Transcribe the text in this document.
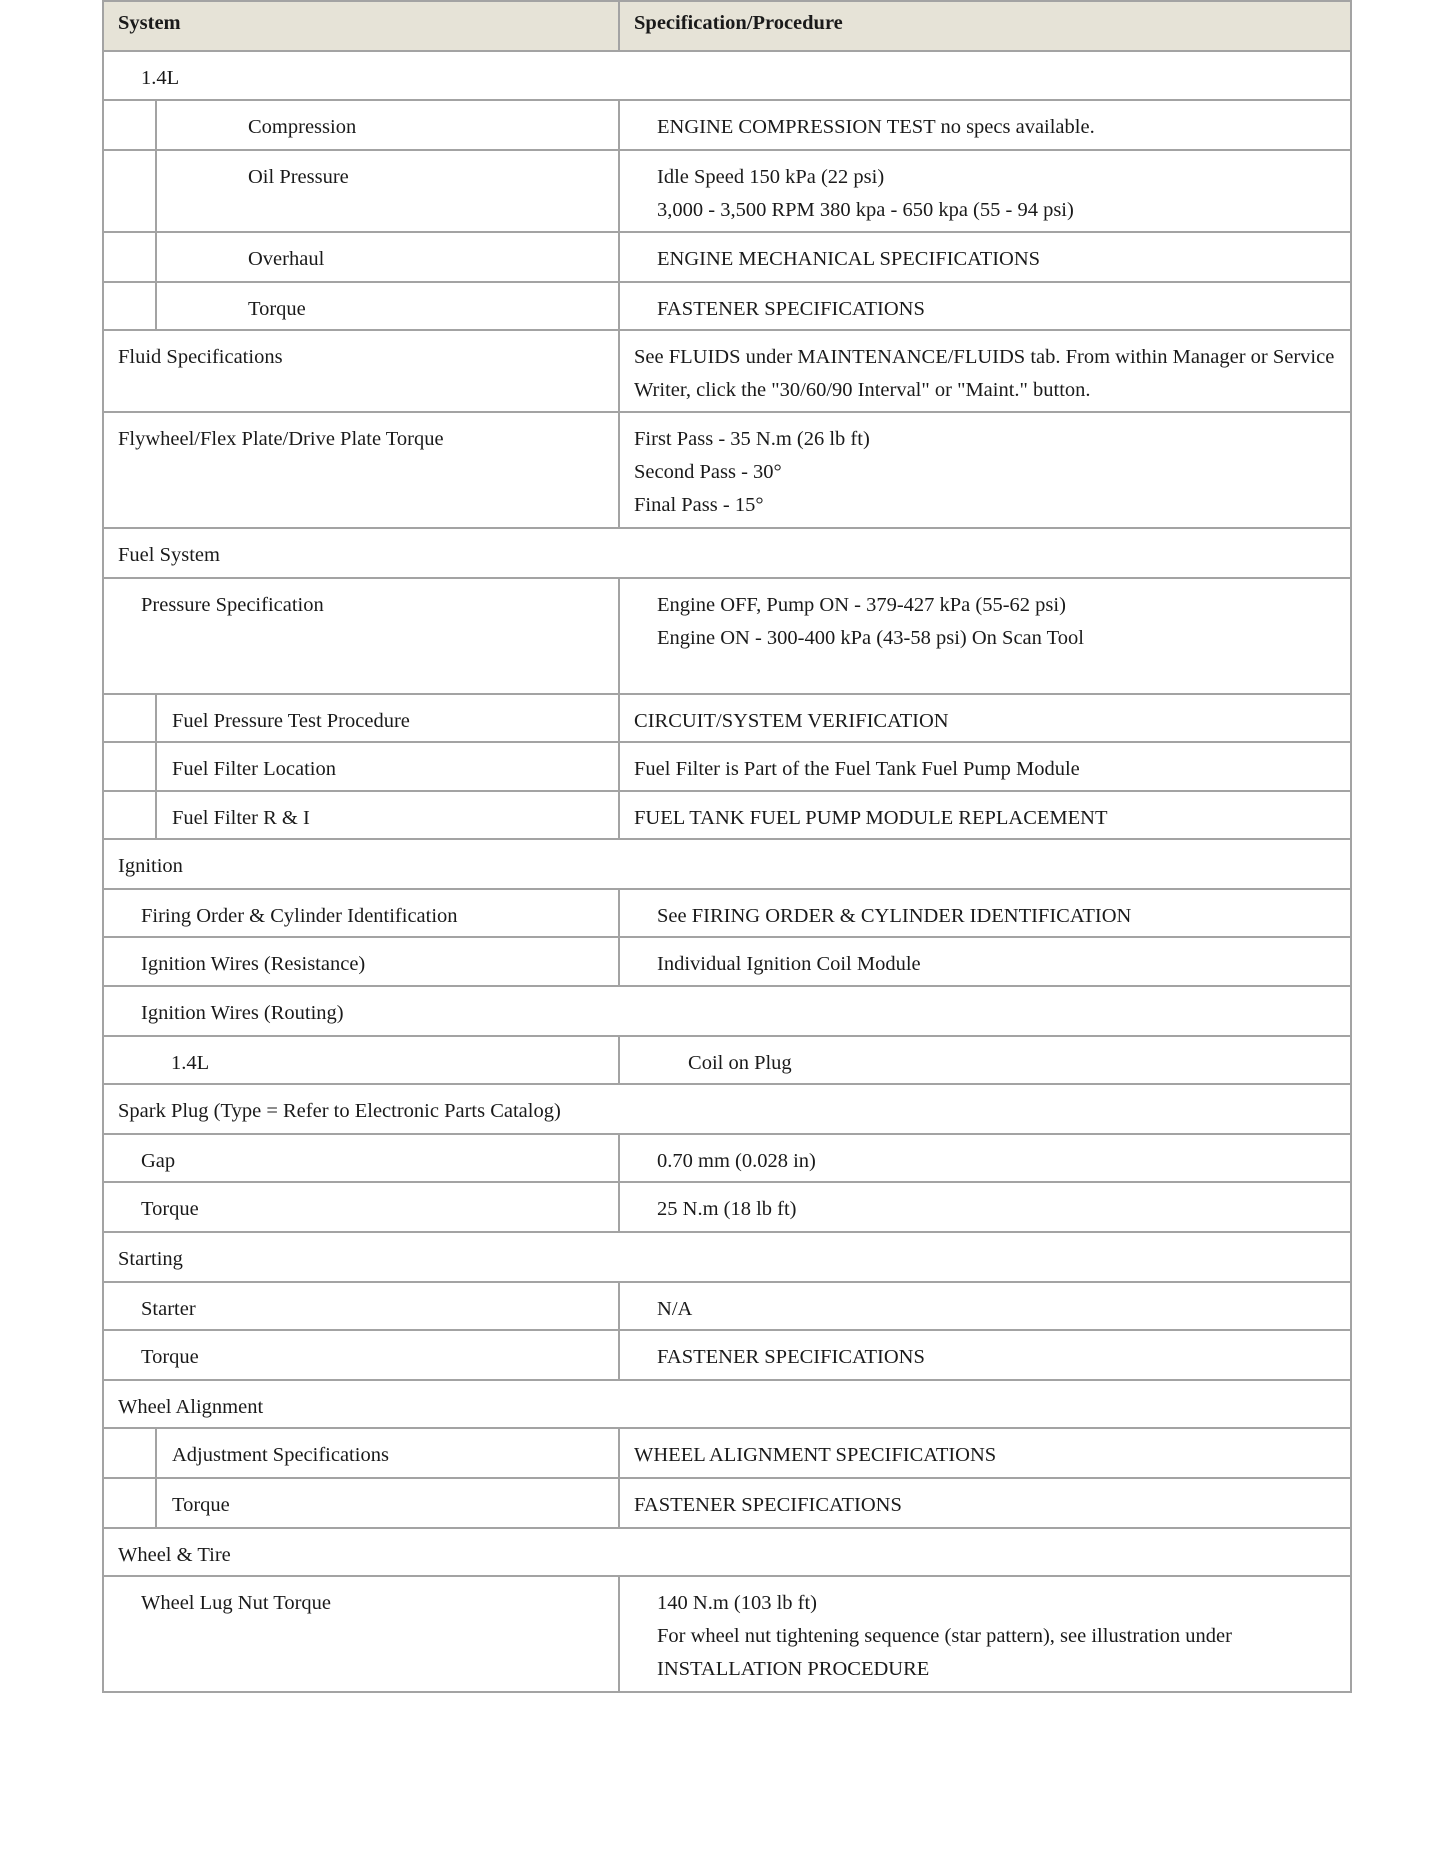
System		Specification/Procedure

1.4L		

	Compression	ENGINE COMPRESSION TEST no specs available.

	Oil Pressure	Idle Speed 150 kPa (22 psi)
3,000 - 3,500 RPM 380 kpa - 650 kpa (55 - 94 psi)

	Overhaul	ENGINE MECHANICAL SPECIFICATIONS

	Torque	FASTENER SPECIFICATIONS

Fluid Specifications		See FLUIDS under MAINTENANCE/FLUIDS tab. From within Manager or Service Writer, click the "30/60/90 Interval" or "Maint." button.

Flywheel/Flex Plate/Drive Plate Torque		First Pass - 35 N.m (26 lb ft)
Second Pass - 30°
Final Pass - 15°

Fuel System		

Pressure Specification		Engine OFF, Pump ON - 379-427 kPa (55-62 psi)
Engine ON - 300-400 kPa (43-58 psi) On Scan Tool

	Fuel Pressure Test Procedure	CIRCUIT/SYSTEM VERIFICATION

	Fuel Filter Location	Fuel Filter is Part of the Fuel Tank Fuel Pump Module

	Fuel Filter R & I	FUEL TANK FUEL PUMP MODULE REPLACEMENT

Ignition		

Firing Order & Cylinder Identification		See FIRING ORDER & CYLINDER IDENTIFICATION

Ignition Wires (Resistance)		Individual Ignition Coil Module

Ignition Wires (Routing)		

1.4L		Coil on Plug

Spark Plug (Type = Refer to Electronic Parts Catalog)		

Gap		0.70 mm (0.028 in)

Torque		25 N.m (18 lb ft)

Starting		

Starter		N/A

Torque		FASTENER SPECIFICATIONS

Wheel Alignment		

	Adjustment Specifications	WHEEL ALIGNMENT SPECIFICATIONS

	Torque	FASTENER SPECIFICATIONS

Wheel & Tire		

Wheel Lug Nut Torque		140 N.m (103 lb ft)
For wheel nut tightening sequence (star pattern), see illustration under INSTALLATION PROCEDURE
